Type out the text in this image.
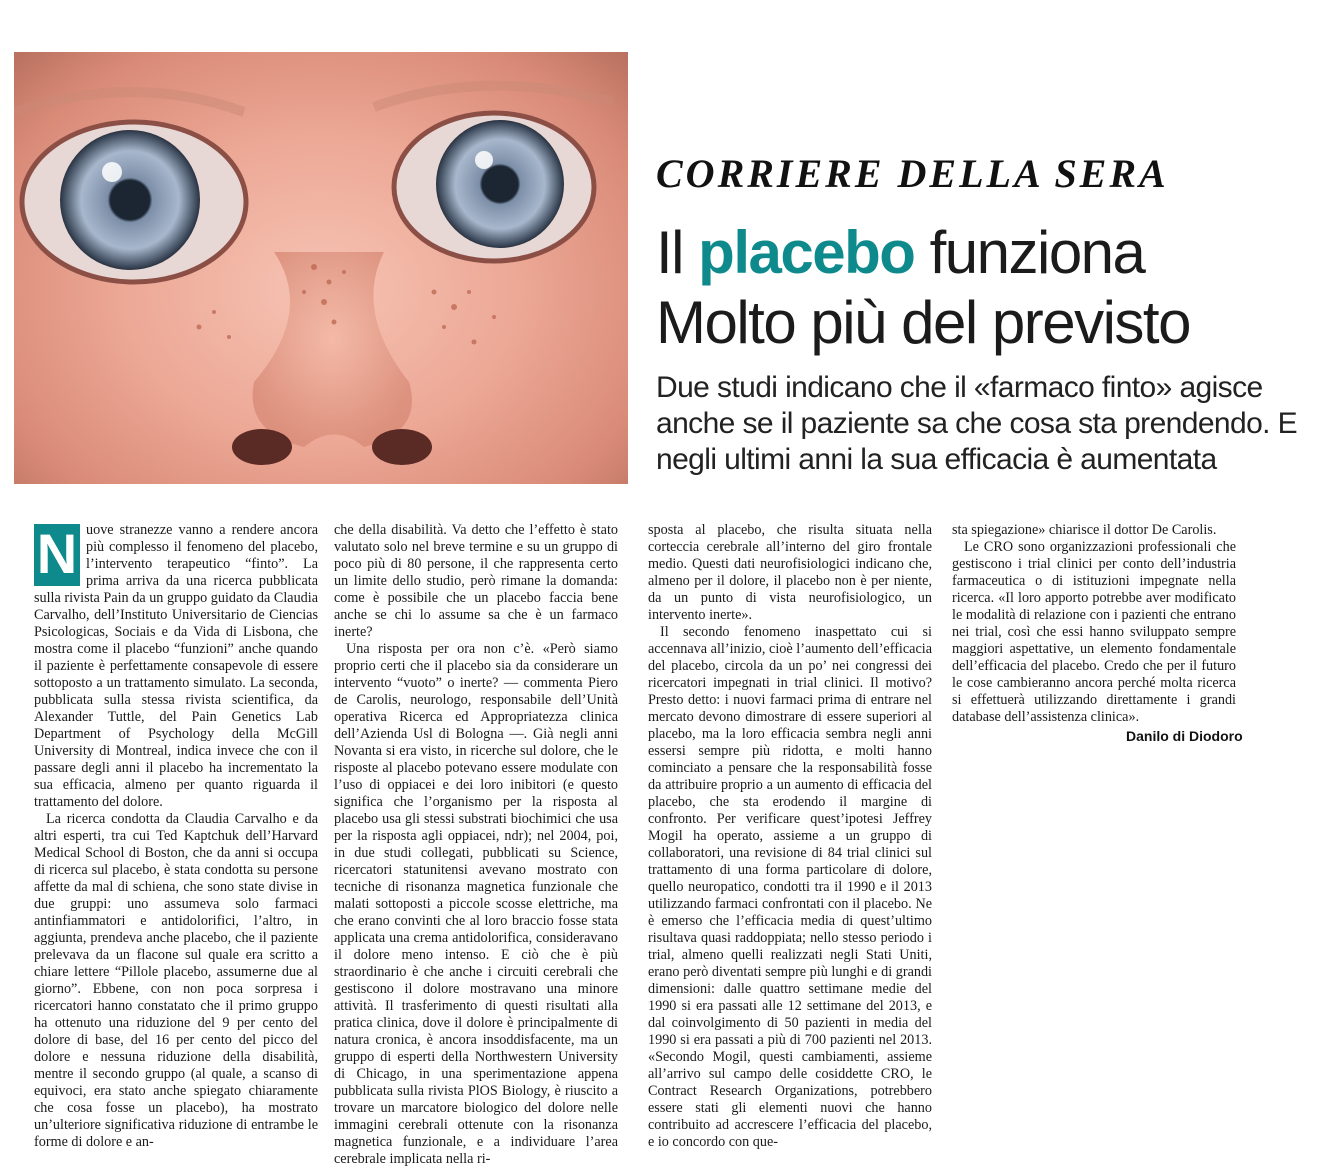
CORRIERE DELLA SERA
Il placebo funziona
Molto più del previsto
Due studi indicano che il «farmaco finto» agisce anche se il paziente sa che cosa sta prendendo. E negli ultimi anni la sua efficacia è aumentata

N uove stranezze vanno a rendere ancora più complesso il fenomeno del placebo, l’intervento terapeutico “finto”. La prima arriva da una ricerca pubblicata sulla rivista Pain da un gruppo guidato da Claudia Carvalho, dell’Instituto Universitario de Ciencias Psicologicas, Sociais e da Vida di Lisbona, che mostra come il placebo “funzioni” anche quando il paziente è perfettamente consapevole di essere sottoposto a un trattamento simulato. La seconda, pubblicata sulla stessa rivista scientifica, da Alexander Tuttle, del Pain Genetics Lab Department of Psychology della McGill University di Montreal, indica invece che con il passare degli anni il placebo ha incrementato la sua efficacia, almeno per quanto riguarda il trattamento del dolore.

La ricerca condotta da Claudia Carvalho e da altri esperti, tra cui Ted Kaptchuk dell’Harvard Medical School di Boston, che da anni si occupa di ricerca sul placebo, è stata condotta su persone affette da mal di schiena, che sono state divise in due gruppi: uno assumeva solo farmaci antinfiammatori e antidolorifici, l’altro, in aggiunta, prendeva anche placebo, che il paziente prelevava da un flacone sul quale era scritto a chiare lettere “Pillole placebo, assumerne due al giorno”. Ebbene, con non poca sorpresa i ricercatori hanno constatato che il primo gruppo ha ottenuto una riduzione del 9 per cento del dolore di base, del 16 per cento del picco del dolore e nessuna riduzione della disabilità, mentre il secondo gruppo (al quale, a scanso di equivoci, era stato anche spiegato chiaramente che cosa fosse un placebo), ha mostrato un’ulteriore significativa riduzione di entrambe le forme di dolore e an-

che della disabilità. Va detto che l’effetto è stato valutato solo nel breve termine e su un gruppo di poco più di 80 persone, il che rappresenta certo un limite dello studio, però rimane la domanda: come è possibile che un placebo faccia bene anche se chi lo assume sa che è un farmaco inerte?

Una risposta per ora non c’è. «Però siamo proprio certi che il placebo sia da considerare un intervento “vuoto” o inerte? — commenta Piero de Carolis, neurologo, responsabile dell’Unità operativa Ricerca ed Appropriatezza clinica dell’Azienda Usl di Bologna —. Già negli anni Novanta si era visto, in ricerche sul dolore, che le risposte al placebo potevano essere modulate con l’uso di oppiacei e dei loro inibitori (e questo significa che l’organismo per la risposta al placebo usa gli stessi substrati biochimici che usa per la risposta agli oppiacei, ndr); nel 2004, poi, in due studi collegati, pubblicati su Science, ricercatori statunitensi avevano mostrato con tecniche di risonanza magnetica funzionale che malati sottoposti a piccole scosse elettriche, ma che erano convinti che al loro braccio fosse stata applicata una crema antidolorifica, consideravano il dolore meno intenso. E ciò che è più straordinario è che anche i circuiti cerebrali che gestiscono il dolore mostravano una minore attività. Il trasferimento di questi risultati alla pratica clinica, dove il dolore è principalmente di natura cronica, è ancora insoddisfacente, ma un gruppo di esperti della Northwestern University di Chicago, in una sperimentazione appena pubblicata sulla rivista PlOS Biology, è riuscito a trovare un marcatore biologico del dolore nelle immagini cerebrali ottenute con la risonanza magnetica funzionale, e a individuare l’area cerebrale implicata nella ri-

sposta al placebo, che risulta situata nella corteccia cerebrale all’interno del giro frontale medio. Questi dati neurofisiologici indicano che, almeno per il dolore, il placebo non è per niente, da un punto di vista neurofisiologico, un intervento inerte».

Il secondo fenomeno inaspettato cui si accennava all’inizio, cioè l’aumento dell’efficacia del placebo, circola da un po’ nei congressi dei ricercatori impegnati in trial clinici. Il motivo? Presto detto: i nuovi farmaci prima di entrare nel mercato devono dimostrare di essere superiori al placebo, ma la loro efficacia sembra negli anni essersi sempre più ridotta, e molti hanno cominciato a pensare che la responsabilità fosse da attribuire proprio a un aumento di efficacia del placebo, che sta erodendo il margine di confronto. Per verificare quest’ipotesi Jeffrey Mogil ha operato, assieme a un gruppo di collaboratori, una revisione di 84 trial clinici sul trattamento di una forma particolare di dolore, quello neuropatico, condotti tra il 1990 e il 2013 utilizzando farmaci confrontati con il placebo. Ne è emerso che l’efficacia media di quest’ultimo risultava quasi raddoppiata; nello stesso periodo i trial, almeno quelli realizzati negli Stati Uniti, erano però diventati sempre più lunghi e di grandi dimensioni: dalle quattro settimane medie del 1990 si era passati alle 12 settimane del 2013, e dal coinvolgimento di 50 pazienti in media del 1990 si era passati a più di 700 pazienti nel 2013. «Secondo Mogil, questi cambiamenti, assieme all’arrivo sul campo delle cosiddette CRO, le Contract Research Organizations, potrebbero essere stati gli elementi nuovi che hanno contribuito ad accrescere l’efficacia del placebo, e io concordo con que-

sta spiegazione» chiarisce il dottor De Carolis.

Le CRO sono organizzazioni professionali che gestiscono i trial clinici per conto dell’industria farmaceutica o di istituzioni impegnate nella ricerca. «Il loro apporto potrebbe aver modificato le modalità di relazione con i pazienti che entrano nei trial, così che essi hanno sviluppato sempre maggiori aspettative, un elemento fondamentale dell’efficacia del placebo. Credo che per il futuro le cose cambieranno ancora perché molta ricerca si effettuerà utilizzando direttamente i grandi database dell’assistenza clinica».

Danilo di Diodoro
